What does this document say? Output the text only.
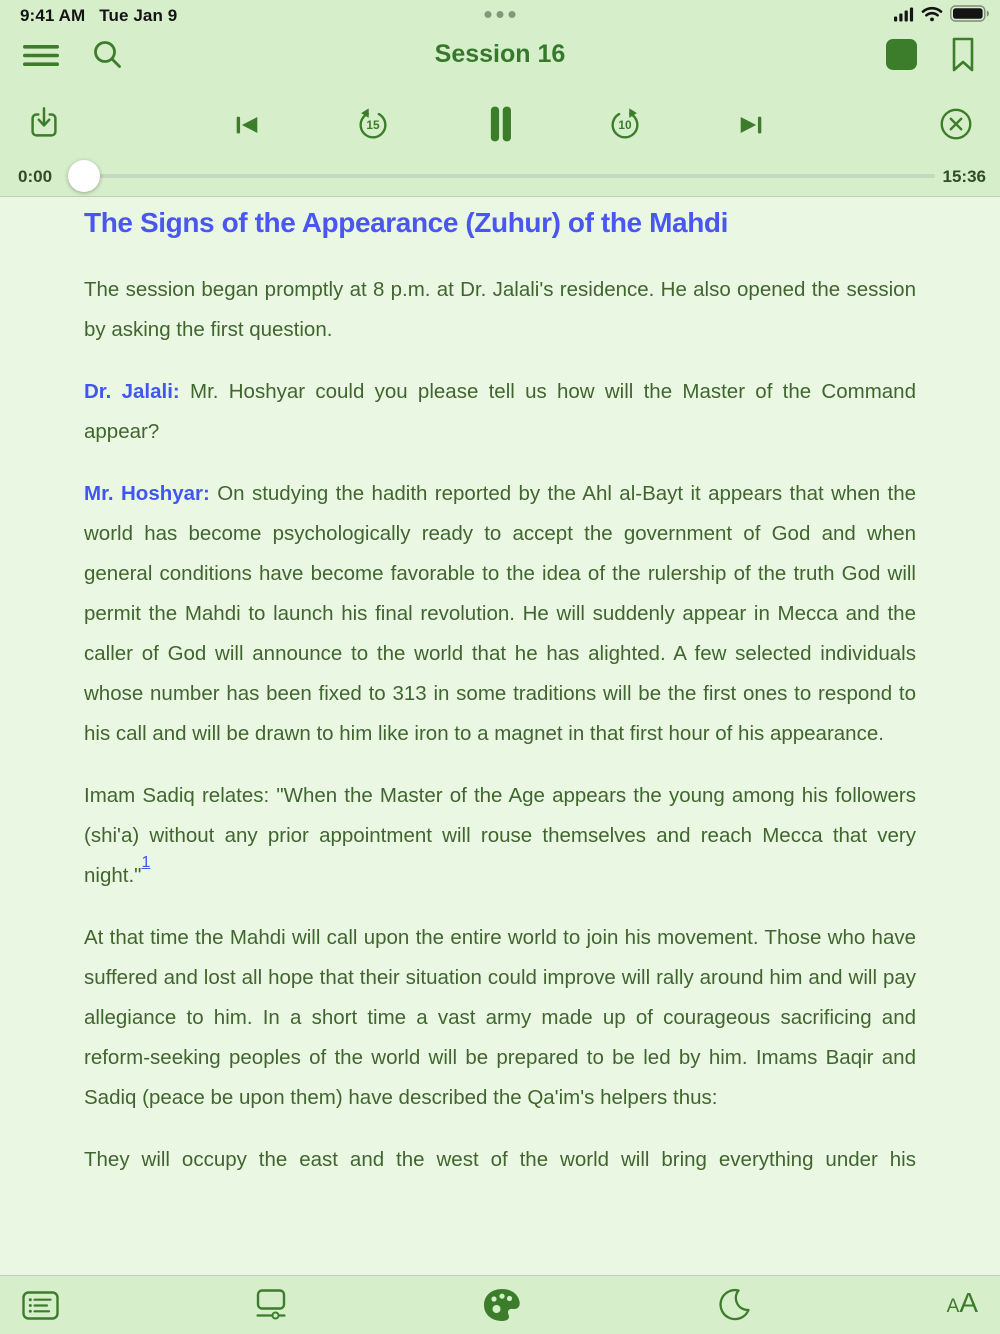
9:41 AM Tue Jan 9
Session 16
15	10
0:00	15:36
The Signs of the Appearance (Zuhur) of the Mahdi

The session began promptly at 8 p.m. at Dr. Jalali's residence. He also opened the session by asking the first question.

Dr. Jalali: Mr. Hoshyar could you please tell us how will the Master of the Command appear?

Mr. Hoshyar: On studying the hadith reported by the Ahl al-Bayt it appears that when the world has become psychologically ready to accept the government of God and when general conditions have become favorable to the idea of the rulership of the truth God will permit the Mahdi to launch his final revolution. He will suddenly appear in Mecca and the caller of God will announce to the world that he has alighted. A few selected individuals whose number has been fixed to 313 in some traditions will be the first ones to respond to his call and will be drawn to him like iron to a magnet in that first hour of his appearance.

Imam Sadiq relates: "When the Master of the Age appears the young among his followers (shi'a) without any prior appointment will rouse themselves and reach Mecca that very night."$^1$

At that time the Mahdi will call upon the entire world to join his movement. Those who have suffered and lost all hope that their situation could improve will rally around him and will pay allegiance to him. In a short time a vast army made up of courageous sacrificing and reform-seeking peoples of the world will be prepared to be led by him. Imams Baqir and Sadiq (peace be upon them) have described the Qa'im's helpers thus:

They will occupy the east and the west of the world will bring everything under his

AA
